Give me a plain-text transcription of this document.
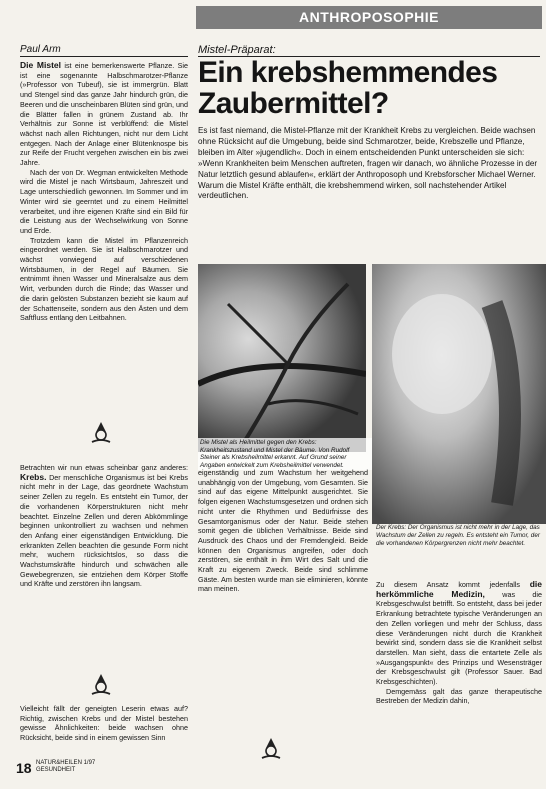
ANTHROPOSOPHIE
Paul Arm

Die Mistel ist eine bemerkenswerte Pflanze. Sie ist eine sogenannte Halbschmarotzer-Pflanze (»Professor von Tubeuf), sie ist immergrün. Blatt und Stengel sind das ganze Jahr hindurch grün, die Beeren und die unscheinbaren Blüten sind grün, und die Blätter fallen in grünem Zustand ab. Ihr Verhältnis zur Sonne ist verblüffend: die Mistel wächst nach allen Richtungen, nicht nur dem Licht entgegen. Nach der Anlage einer Blütenknospe bis zur Reife der Frucht vergehen zwischen ein bis zwei Jahre.

Nach der von Dr. Wegman entwickelten Methode wird die Mistel je nach Wirtsbaum, Jahreszeit und Lage unterschiedlich gewonnen. Im Sommer und im Winter wird sie geerntet und zu einem Heilmittel verarbeitet, und ihre eigenen Kräfte sind ein Bild für die Leistung aus der Wechselwirkung von Sonne und Erde.

Trotzdem kann die Mistel im Pflanzenreich eingeordnet werden. Sie ist Halbschmarotzer und wächst vorwiegend auf verschiedenen Wirtsbäumen, in der Regel auf Bäumen. Sie entnimmt ihnen Wasser und Mineralsalze aus dem Wirt, verbunden durch die Rinde; das Wasser und die darin gelösten Substanzen bezieht sie kaum auf der Schattenseite, sondern aus den Ästen und dem Saftfluss entlang den Leitbahnen.

Betrachten wir nun etwas scheinbar ganz anderes: Krebs. Der menschliche Organismus ist bei Krebs nicht mehr in der Lage, das geordnete Wachstum seiner Zellen zu regeln. Es entsteht ein Tumor, der die vorhandenen Körperstrukturen nicht mehr beachtet. Einzelne Zellen und deren Abkömmlinge beginnen unkontrolliert zu wachsen und nehmen den Anfang einer eigenständigen Entwicklung. Die erkrankten Zellen beachten die gesunde Form nicht mehr, wuchern rücksichtslos, so dass die Wachstumskräfte hindurch und schwächen alle Gewebegrenzen, sie entziehen dem Körper Stoffe und Kräfte und zerstören ihn langsam.

Vielleicht fällt der geneigten Leserin etwas auf? Richtig, zwischen Krebs und der Mistel bestehen gewisse Ähnlichkeiten: beide wachsen ohne Rücksicht, beide sind in einem gewissen Sinn

Mistel-Präparat:
Ein krebshemmendes Zaubermittel?
Es ist fast niemand, die Mistel-Pflanze mit der Krankheit Krebs zu vergleichen. Beide wachsen ohne Rücksicht auf die Umgebung, beide sind Schmarotzer, beide, Krebszelle und Pflanze, bleiben im Alter »jugendlich«. Doch in einem entscheidenden Punkt unterscheiden sie sich: »Wenn Krankheiten beim Menschen auftreten, fragen wir danach, wo ähnliche Prozesse in der Natur letztlich gesund ablaufen«, erklärt der Anthroposoph und Krebsforscher Michael Werner. Warum die Mistel Kräfte enthält, die krebshemmend wirken, soll nachstehender Artikel verdeutlichen.
Die Mistel als Heilmittel gegen den Krebs: Krankheitszustand und Mistel der Bäume. Von Rudolf Steiner als Krebsheilmittel erkannt. Auf Grund seiner Angaben entwickelt zum Krebsheilmittel verwendet.
Der Krebs: Der Organismus ist nicht mehr in der Lage, das Wachstum der Zellen zu regeln. Es entsteht ein Tumor, der die vorhandenen Körpergrenzen nicht mehr beachtet.

eigenständig und zum Wachstum her weitgehend unabhängig von der Umgebung, vom Gesamten. Sie sind auf das eigene Mittelpunkt ausgerichtet. Sie folgen eigenen Wachstumsgesetzen und ordnen sich nicht unter die Rhythmen und Bedürfnisse des Gesamtorganismus oder der Natur. Beide stehen somit gegen die üblichen Verhältnisse. Beide sind Ausdruck des Chaos und der Fremdengleid. Beide können den Organismus angreifen, oder doch zerstören, sie enthält in ihm Wirt des Salt und die Kraft zu eigenem Zweck. Beide sind schlimme Gäste. Am besten wurde man sie eliminieren, könnte man meinen.	Zu diesem Ansatz kommt jedenfalls die herkömmliche Medizin, was die Krebsgeschwulst betrifft. So entsteht, dass bei jeder Erkrankung betrachtete typische Veränderungen an den Zellen vorliegen und mehr der Schluss, dass diese Veränderungen nicht durch die Krankheit bewirkt sind, sondern dass sie die Krankheit selbst darstellen. Man sieht, dass die entartete Zelle als »Ausgangspunkt« des Prinzips und Wesensträger der Krebsgeschwulst gilt (Professor Sauer. Bad Krebsgeschichten).

Demgemäss galt das ganze therapeutische Bestreben der Medizin dahin,

18 NATUR&HEILEN 1/97 GESUNDHEIT
